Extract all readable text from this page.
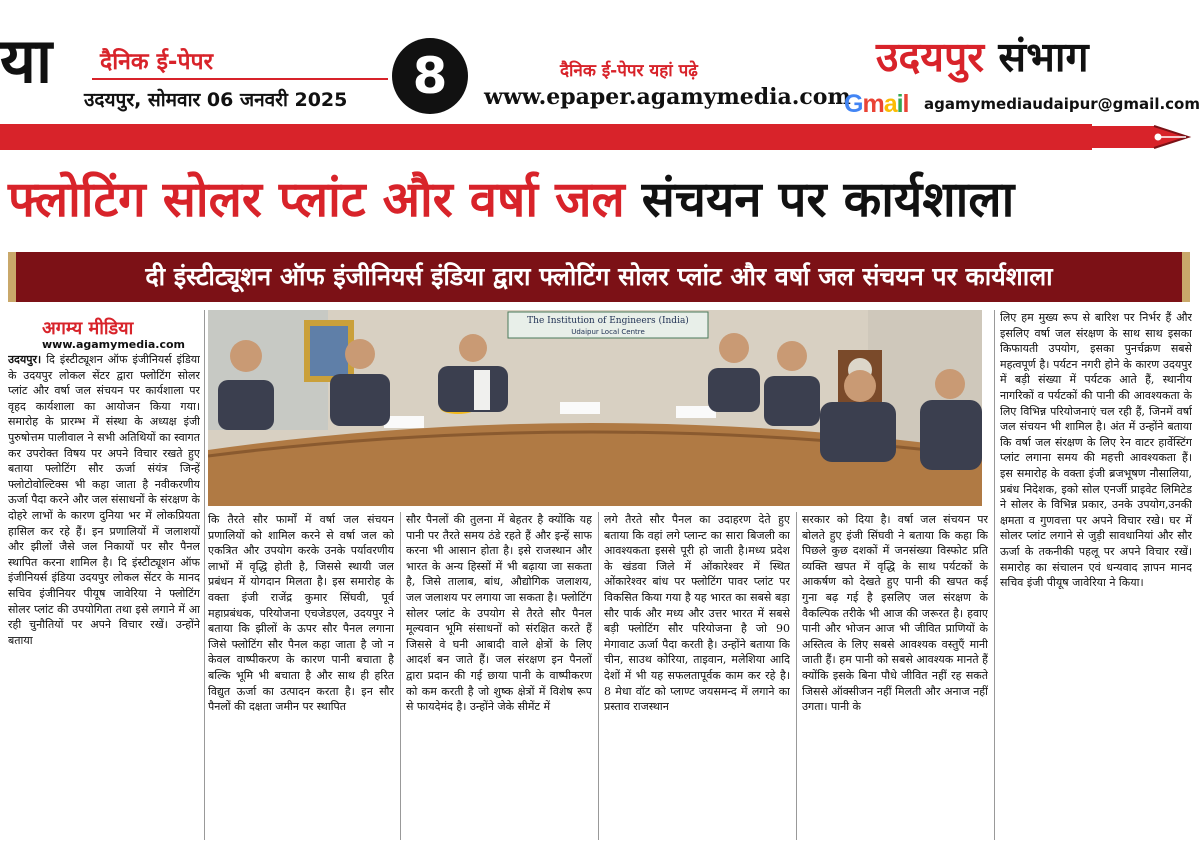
या दैनिक ई-पेपर
उदयपुर, सोमवार 06 जनवरी 2025	8	दैनिक ई-पेपर यहां पढ़े
www.epaper.agamymedia.com
उदयपुर संभाग
Gmail agamymediaudaipur@gmail.com
फ्लोटिंग सोलर प्लांट और वर्षा जल संचयन पर कार्यशाला
दी इंस्टीट्यूशन ऑफ इंजीनियर्स इंडिया द्वारा फ्लोटिंग सोलर प्लांट और वर्षा जल संचयन पर कार्यशाला
अगम्य मीडिया
www.agamymedia.com
उदयपुर। दि इंस्टीट्यूशन ऑफ इंजीनियर्स इंडिया के उदयपुर लोकल सेंटर द्वारा फ्लोटिंग सोलर प्लांट और वर्षा जल संचयन पर कार्यशाला पर वृहद कार्यशाला का आयोजन किया गया। समारोह के प्रारम्भ में संस्था के अध्यक्ष इंजी पुरुषोत्तम पालीवाल ने सभी अतिथियों का स्वागत कर उपरोक्त विषय पर अपने विचार रखते हुए बताया फ्लोटिंग सौर ऊर्जा संयंत्र जिन्हें फ्लोटोवोल्टिक्स भी कहा जाता है नवीकरणीय ऊर्जा पैदा करने और जल संसाधनों के संरक्षण के दोहरे लाभों के कारण दुनिया भर में लोकप्रियता हासिल कर रहे हैं। इन प्रणालियों में जलाशयों और झीलों जैसे जल निकायों पर सौर पैनल स्थापित करना शामिल है। दि इंस्टीट्यूशन ऑफ इंजीनियर्स इंडिया उदयपुर लोकल सेंटर के मानद सचिव इंजीनियर पीयूष जावेरिया ने फ्लोटिंग सोलर प्लांट की उपयोगिता तथा इसे लगाने में आ रही चुनौतियों पर अपने विचार रखें। उन्होंने बताया
कि तैरते सौर फार्मों में वर्षा जल संचयन प्रणालियों को शामिल करने से वर्षा जल को एकत्रित और उपयोग करके उनके पर्यावरणीय लाभों में वृद्धि होती है, जिससे स्थायी जल प्रबंधन में योगदान मिलता है। इस समारोह के वक्ता इंजी राजेंद्र कुमार सिंघवी, पूर्व महाप्रबंधक, परियोजना एचजेडएल, उदयपुर ने बताया कि झीलों के ऊपर सौर पैनल लगाना जिसे फ्लोटिंग सौर पैनल कहा जाता है जो न केवल वाष्पीकरण के कारण पानी बचाता है बल्कि भूमि भी बचाता है और साथ ही हरित विद्युत ऊर्जा का उत्पादन करता है। इन सौर पैनलों की दक्षता जमीन पर स्थापित
सौर पैनलों की तुलना में बेहतर है क्योंकि यह पानी पर तैरते समय ठंडे रहते हैं और इन्हें साफ करना भी आसान होता है। इसे राजस्थान और भारत के अन्य हिस्सों में भी बढ़ाया जा सकता है, जिसे तालाब, बांध, औद्योगिक जलाशय, जल जलाशय पर लगाया जा सकता है। फ्लोटिंग सोलर प्लांट के उपयोग से तैरते सौर पैनल मूल्यवान भूमि संसाधनों को संरक्षित करते हैं जिससे वे घनी आबादी वाले क्षेत्रों के लिए आदर्श बन जाते हैं। जल संरक्षण इन पैनलों द्वारा प्रदान की गई छाया पानी के वाष्पीकरण को कम करती है जो शुष्क क्षेत्रों में विशेष रूप से फायदेमंद है। उन्होंने जेके सीमेंट में
लगे तैरते सौर पैनल का उदाहरण देते हुए बताया कि वहां लगे प्लान्ट का सारा बिजली का आवश्यकता इससे पूरी हो जाती है।मध्य प्रदेश के खंडवा जिले में ओंकारेश्वर में स्थित ओंकारेश्वर बांध पर फ्लोटिंग पावर प्लांट पर विकसित किया गया है यह भारत का सबसे बड़ा सौर पार्क और मध्य और उत्तर भारत में सबसे बड़ी फ्लोटिंग सौर परियोजना है जो 90 मेगावाट ऊर्जा पैदा करती है। उन्होंने बताया कि चीन, साउथ कोरिया, ताइवान, मलेशिया आदि देशों में भी यह सफलतापूर्वक काम कर रहे है। 8 मेधा वॉट को प्लाण्ट जयसमन्द में लगाने का प्रस्ताव राजस्थान
सरकार को दिया है। वर्षा जल संचयन पर बोलते हुए इंजी सिंघवी ने बताया कि कहा कि पिछले कुछ दशकों में जनसंख्या विस्फोट प्रति व्यक्ति खपत में वृद्धि के साथ पर्यटकों के आकर्षण को देखते हुए पानी की खपत कई गुना बढ़ गई है इसलिए जल संरक्षण के वैकल्पिक तरीके भी आज की जरूरत है। हवाए पानी और भोजन आज भी जीवित प्राणियों के अस्तित्व के लिए सबसे आवश्यक वस्तुएँ मानी जाती हैं। हम पानी को सबसे आवश्यक मानते हैं क्योंकि इसके बिना पौधे जीवित नहीं रह सकते जिससे ऑक्सीजन नहीं मिलती और अनाज नहीं उगता। पानी के
लिए हम मुख्य रूप से बारिश पर निर्भर हैं और इसलिए वर्षा जल संरक्षण के साथ साथ इसका किफायती उपयोग, इसका पुनर्चक्रण सबसे महत्वपूर्ण है। पर्यटन नगरी होने के कारण उदयपुर में बड़ी संख्या में पर्यटक आते हैं, स्थानीय नागरिकों व पर्यटकों की पानी की आवश्यकता के लिए विभिन्न परियोजनाएं चल रही हैं, जिनमें वर्षा जल संचयन भी शामिल है। अंत में उन्होंने बताया कि वर्षा जल संरक्षण के लिए रेन वाटर हार्वेस्टिंग प्लांट लगाना समय की महत्ती आवश्यकता हैं। इस समारोह के वक्ता इंजी ब्रजभूषण नौसालिया, प्रबंध निदेशक, इको सोल एनर्जी प्राइवेट लिमिटेड ने सोलर के विभिन्न प्रकार, उनके उपयोग,उनकी क्षमता व गुणवत्ता पर अपने विचार रखे। घर में सोलर प्लांट लगाने से जुड़ी सावधानियां और सौर ऊर्जा के तकनीकी पहलू पर अपने विचार रखें। समारोह का संचालन एवं धन्यवाद ज्ञापन मानद सचिव इंजी पीयूष जावेरिया ने किया।
The Institution of Engineers (India)
Udaipur Local Centre
